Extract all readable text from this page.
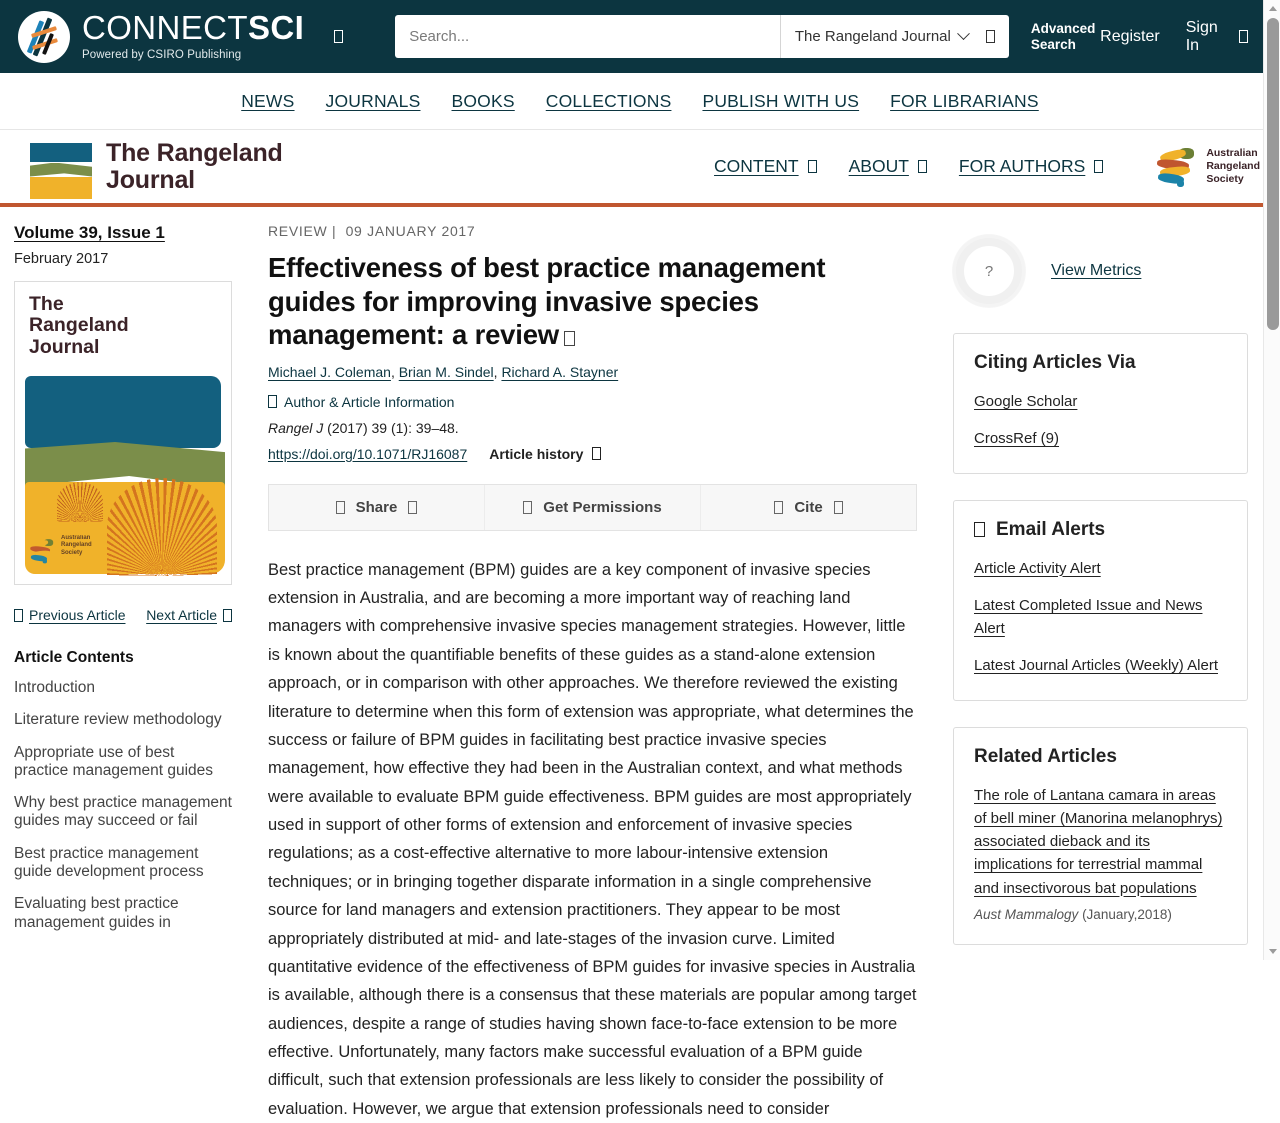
CONNECTSCI
Powered by CSIRO Publishing
Search...
The Rangeland Journal	Advanced Search	Register
Sign In
NEWS JOURNALS BOOKS COLLECTIONS PUBLISH WITH US FOR LIBRARIANS
The Rangeland
Journal	CONTENT	ABOUT	FOR AUTHORS
Australian
Rangeland
Society
Volume 39, Issue 1
February 2017
The
Rangeland
Journal
Australian
Rangeland
Society
Previous Article Next Article
Article Contents
Introduction
Literature review methodology
Appropriate use of best practice management guides
Why best practice management guides may succeed or fail
Best practice management guide development process
Evaluating best practice management guides in
REVIEW | 09 JANUARY 2017
Effectiveness of best practice management guides for improving invasive species management: a review
Michael J. Coleman, Brian M. Sindel, Richard A. Stayner
Author & Article Information
Rangel J (2017) 39 (1): 39–48.
https://doi.org/10.1071/RJ16087 Article history
Share	Get Permissions	Cite
Best practice management (BPM) guides are a key component of invasive species extension in Australia, and are becoming a more important way of reaching land managers with comprehensive invasive species management strategies. However, little is known about the quantifiable benefits of these guides as a stand-alone extension approach, or in comparison with other approaches. We therefore reviewed the existing literature to determine when this form of extension was appropriate, what determines the success or failure of BPM guides in facilitating best practice invasive species management, how effective they had been in the Australian context, and what methods were available to evaluate BPM guide effectiveness. BPM guides are most appropriately used in support of other forms of extension and enforcement of invasive species regulations; as a cost-effective alternative to more labour-intensive extension techniques; or in bringing together disparate information in a single comprehensive source for land managers and extension practitioners. They appear to be most appropriately distributed at mid- and late-stages of the invasion curve. Limited quantitative evidence of the effectiveness of BPM guides for invasive species in Australia is available, although there is a consensus that these materials are popular among target audiences, despite a range of studies having shown face-to-face extension to be more effective. Unfortunately, many factors make successful evaluation of a BPM guide difficult, such that extension professionals are less likely to consider the possibility of evaluation. However, we argue that extension professionals need to consider
?	View Metrics
Citing Articles Via
Google Scholar
CrossRef (9)
Email Alerts
Article Activity Alert
Latest Completed Issue and News Alert
Latest Journal Articles (Weekly) Alert
Related Articles
The role of Lantana camara in areas of bell miner (Manorina melanophrys) associated dieback and its implications for terrestrial mammal and insectivorous bat populations
Aust Mammalogy (January,2018)
